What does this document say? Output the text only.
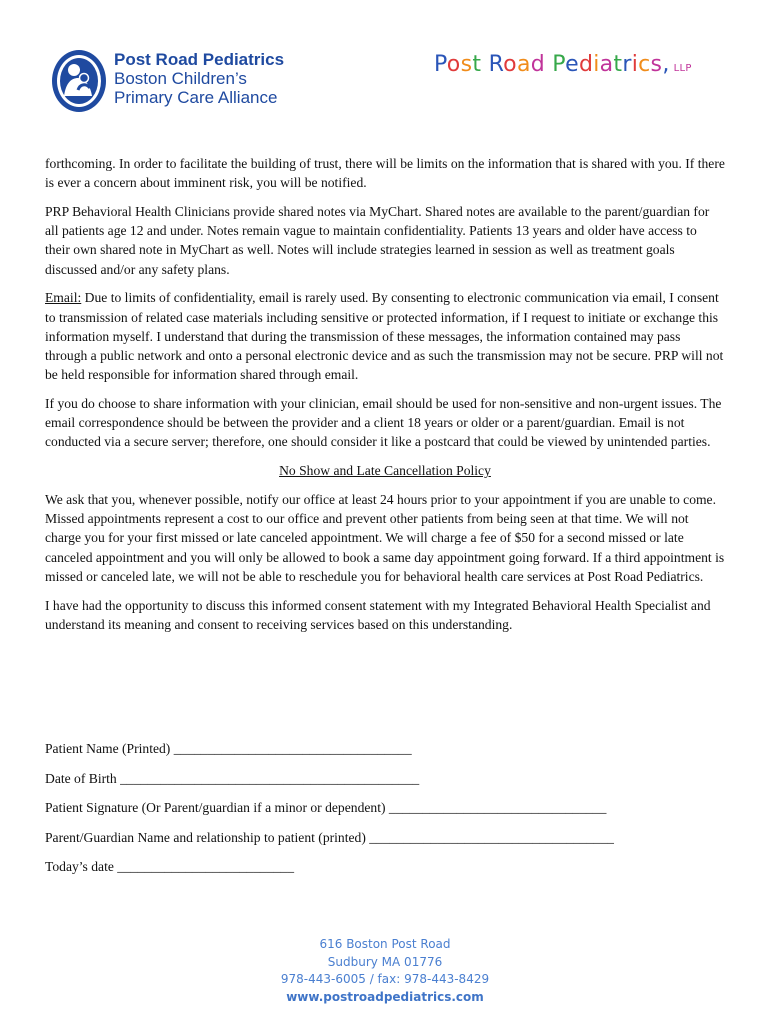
Post Road Pediatrics
Boston Children’s
Primary Care Alliance
Post Road Pediatrics, LLP

forthcoming. In order to facilitate the building of trust, there will be limits on the information that is shared with you. If there is ever a concern about imminent risk, you will be notified.

PRP Behavioral Health Clinicians provide shared notes via MyChart. Shared notes are available to the parent/guardian for all patients age 12 and under. Notes remain vague to maintain confidentiality. Patients 13 years and older have access to their own shared note in MyChart as well. Notes will include strategies learned in session as well as treatment goals discussed and/or any safety plans.

Email: Due to limits of confidentiality, email is rarely used. By consenting to electronic communication via email, I consent to transmission of related case materials including sensitive or protected information, if I request to initiate or exchange this information myself. I understand that during the transmission of these messages, the information contained may pass through a public network and onto a personal electronic device and as such the transmission may not be secure. PRP will not be held responsible for information shared through email.

If you do choose to share information with your clinician, email should be used for non-sensitive and non-urgent issues. The email correspondence should be between the provider and a client 18 years or older or a parent/guardian. Email is not conducted via a secure server; therefore, one should consider it like a postcard that could be viewed by unintended parties.

No Show and Late Cancellation Policy

We ask that you, whenever possible, notify our office at least 24 hours prior to your appointment if you are unable to come. Missed appointments represent a cost to our office and prevent other patients from being seen at that time. We will not charge you for your first missed or late canceled appointment. We will charge a fee of $50 for a second missed or late canceled appointment and you will only be allowed to book a same day appointment going forward. If a third appointment is missed or canceled late, we will not be able to reschedule you for behavioral health care services at Post Road Pediatrics.

I have had the opportunity to discuss this informed consent statement with my Integrated Behavioral Health Specialist and understand its meaning and consent to receiving services based on this understanding.

Patient Name (Printed) ___________________________________
Date of Birth ____________________________________________
Patient Signature (Or Parent/guardian if a minor or dependent) ________________________________
Parent/Guardian Name and relationship to patient (printed) ____________________________________
Today’s date __________________________
616 Boston Post Road
Sudbury MA 01776
978-443-6005 / fax: 978-443-8429
www.postroadpediatrics.com
